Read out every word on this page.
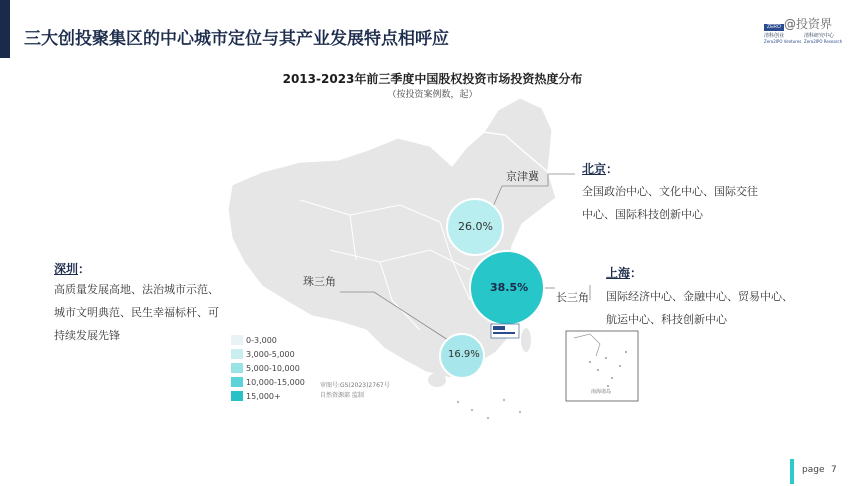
三大创投聚集区的中心城市定位与其产业发展特点相呼应
ZERO
清科创业
Zero2IPO Ventures
清科研究中心
Zero2IPO Research
@投资界
2013-2023年前三季度中国股权投资市场投资热度分布
（按投资案例数，起）
26.0%
38.5%
16.9%
京津冀
珠三角
长三角
北京：
全国政治中心、文化中心、国际交往
中心、国际科技创新中心
上海：
国际经济中心、金融中心、贸易中心、
航运中心、科技创新中心
深圳：
高质量发展高地、法治城市示范、
城市文明典范、民生幸福标杆、可
持续发展先锋	0-3,000
3,000-5,000
5,000-10,000
10,000-15,000
15,000+
审图号:GS(2023)2767号
自然资源部 监制	南海诸岛
page 7
